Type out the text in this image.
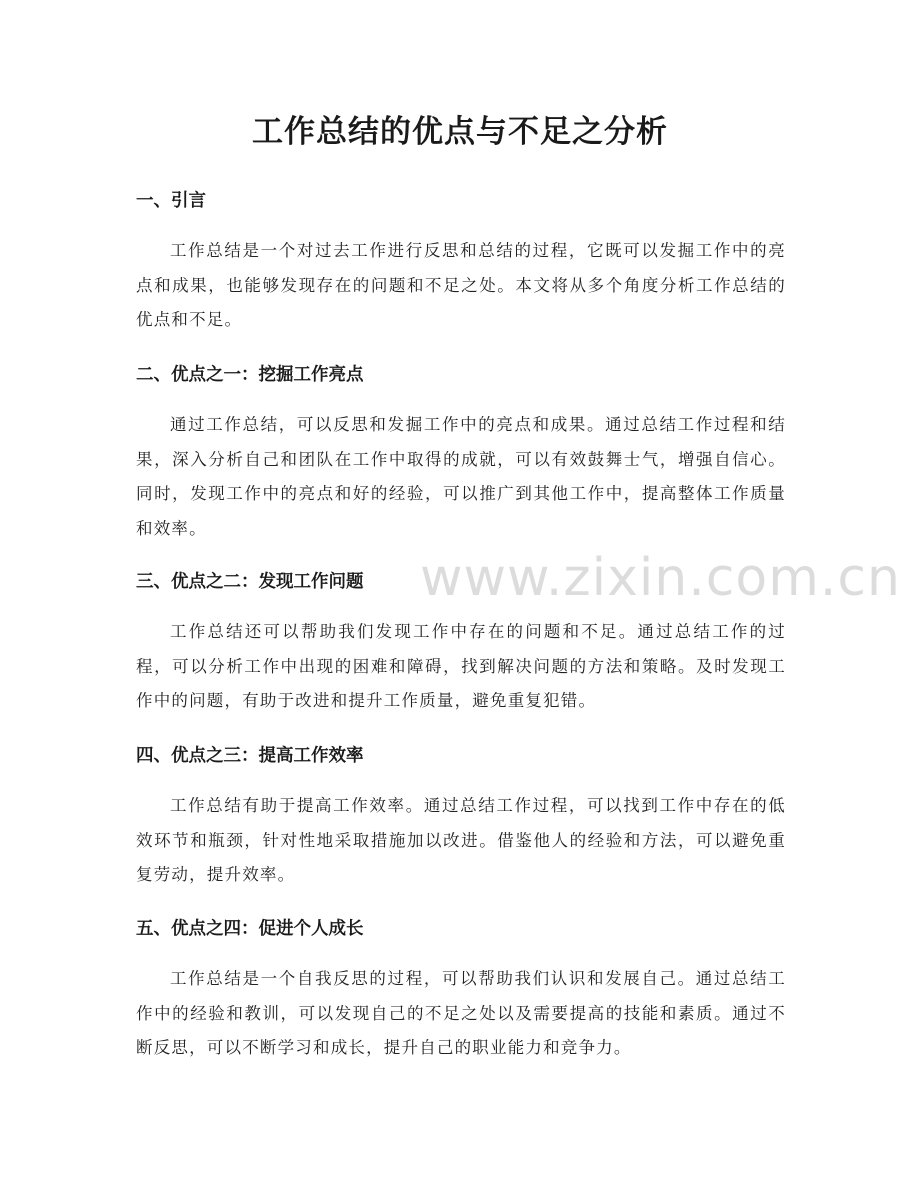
工作总结的优点与不足之分析
一、引言

工作总结是一个对过去工作进行反思和总结的过程，它既可以发掘工作中的亮点和成果，也能够发现存在的问题和不足之处。本文将从多个角度分析工作总结的优点和不足。

二、优点之一：挖掘工作亮点

通过工作总结，可以反思和发掘工作中的亮点和成果。通过总结工作过程和结果，深入分析自己和团队在工作中取得的成就，可以有效鼓舞士气，增强自信心。同时，发现工作中的亮点和好的经验，可以推广到其他工作中，提高整体工作质量和效率。

三、优点之二：发现工作问题

工作总结还可以帮助我们发现工作中存在的问题和不足。通过总结工作的过程，可以分析工作中出现的困难和障碍，找到解决问题的方法和策略。及时发现工作中的问题，有助于改进和提升工作质量，避免重复犯错。

四、优点之三：提高工作效率

工作总结有助于提高工作效率。通过总结工作过程，可以找到工作中存在的低效环节和瓶颈，针对性地采取措施加以改进。借鉴他人的经验和方法，可以避免重复劳动，提升效率。

五、优点之四：促进个人成长

工作总结是一个自我反思的过程，可以帮助我们认识和发展自己。通过总结工作中的经验和教训，可以发现自己的不足之处以及需要提高的技能和素质。通过不断反思，可以不断学习和成长，提升自己的职业能力和竞争力。

www.zixin.com.cn
